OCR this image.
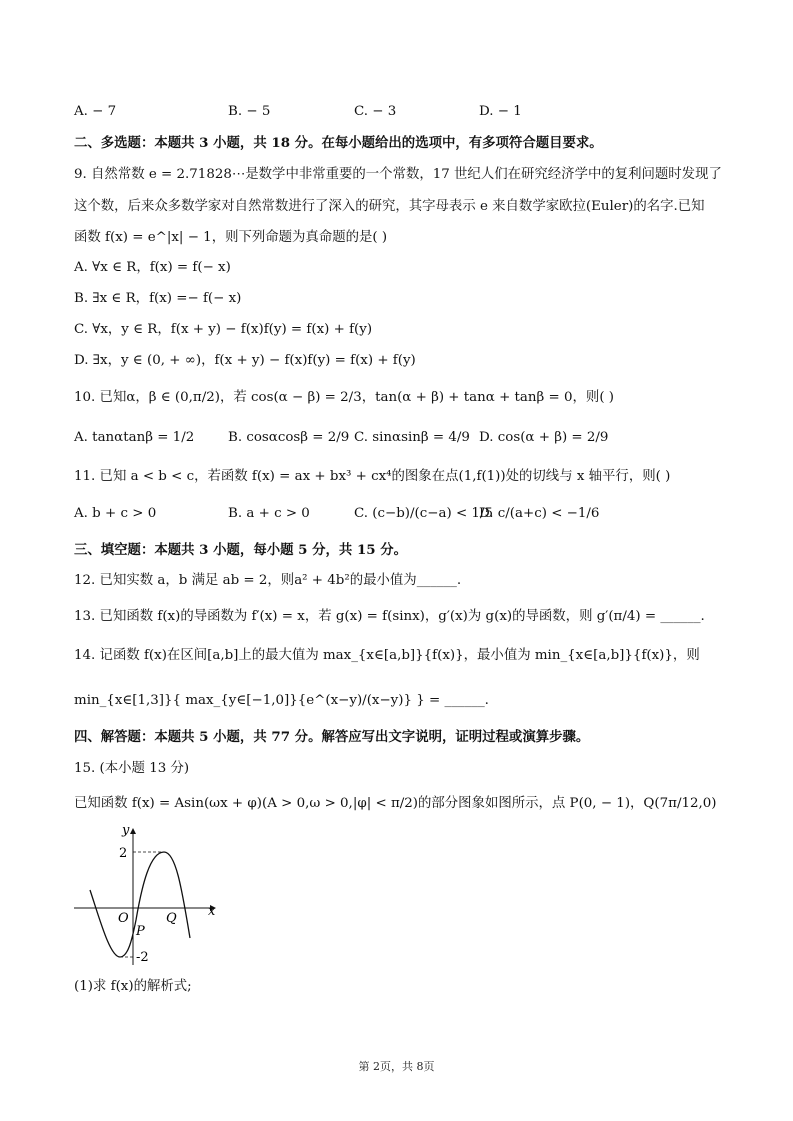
A. − 7	B. − 5	C. − 3	D. − 1
二、多选题：本题共 3 小题，共 18 分。在每小题给出的选项中，有多项符合题目要求。
9. 自然常数 e = 2.71828⋯是数学中非常重要的一个常数，17 世纪人们在研究经济学中的复利问题时发现了
这个数，后来众多数学家对自然常数进行了深入的研究，其字母表示 e 来自数学家欧拉(Euler)的名字.已知
函数 f(x) = e^|x| − 1，则下列命题为真命题的是( )
A. ∀x ∈ R，f(x) = f(− x)
B. ∃x ∈ R，f(x) =− f(− x)
C. ∀x，y ∈ R，f(x + y) − f(x)f(y) = f(x) + f(y)
D. ∃x，y ∈ (0, + ∞)，f(x + y) − f(x)f(y) = f(x) + f(y)
10. 已知α，β ∈ (0,π/2)，若 cos(α − β) = 2/3，tan(α + β) + tanα + tanβ = 0，则( )
A. tanαtanβ = 1/2	B. cosαcosβ = 2/9 C. sinαsinβ = 4/9 D. cos(α + β) = 2/9
11. 已知 a < b < c，若函数 f(x) = ax + bx³ + cx⁴的图象在点(1,f(1))处的切线与 x 轴平行，则( )
A. b + c > 0	B. a + c > 0	C. (c−b)/(c−a) < 1/5
D. c/(a+c) < −1/6
三、填空题：本题共 3 小题，每小题 5 分，共 15 分。
12. 已知实数 a，b 满足 ab = 2，则a² + 4b²的最小值为______.
13. 已知函数 f(x)的导函数为 f′(x) = x，若 g(x) = f(sinx)，g′(x)为 g(x)的导函数，则 g′(π/4) = ______.
14. 记函数 f(x)在区间[a,b]上的最大值为 max_{x∈[a,b]}{f(x)}，最小值为 min_{x∈[a,b]}{f(x)}，则
min_{x∈[1,3]}{ max_{y∈[−1,0]}{e^(x−y)/(x−y)} } = ______.
四、解答题：本题共 5 小题，共 77 分。解答应写出文字说明，证明过程或演算步骤。
15. (本小题 13 分)
已知函数 f(x) = Asin(ωx + φ)(A > 0,ω > 0,|φ| < π/2)的部分图象如图所示，点 P(0, − 1)，Q(7π/12,0)
y
x
O
2
-2
P
Q
(1)求 f(x)的解析式;
第 2页，共 8页
